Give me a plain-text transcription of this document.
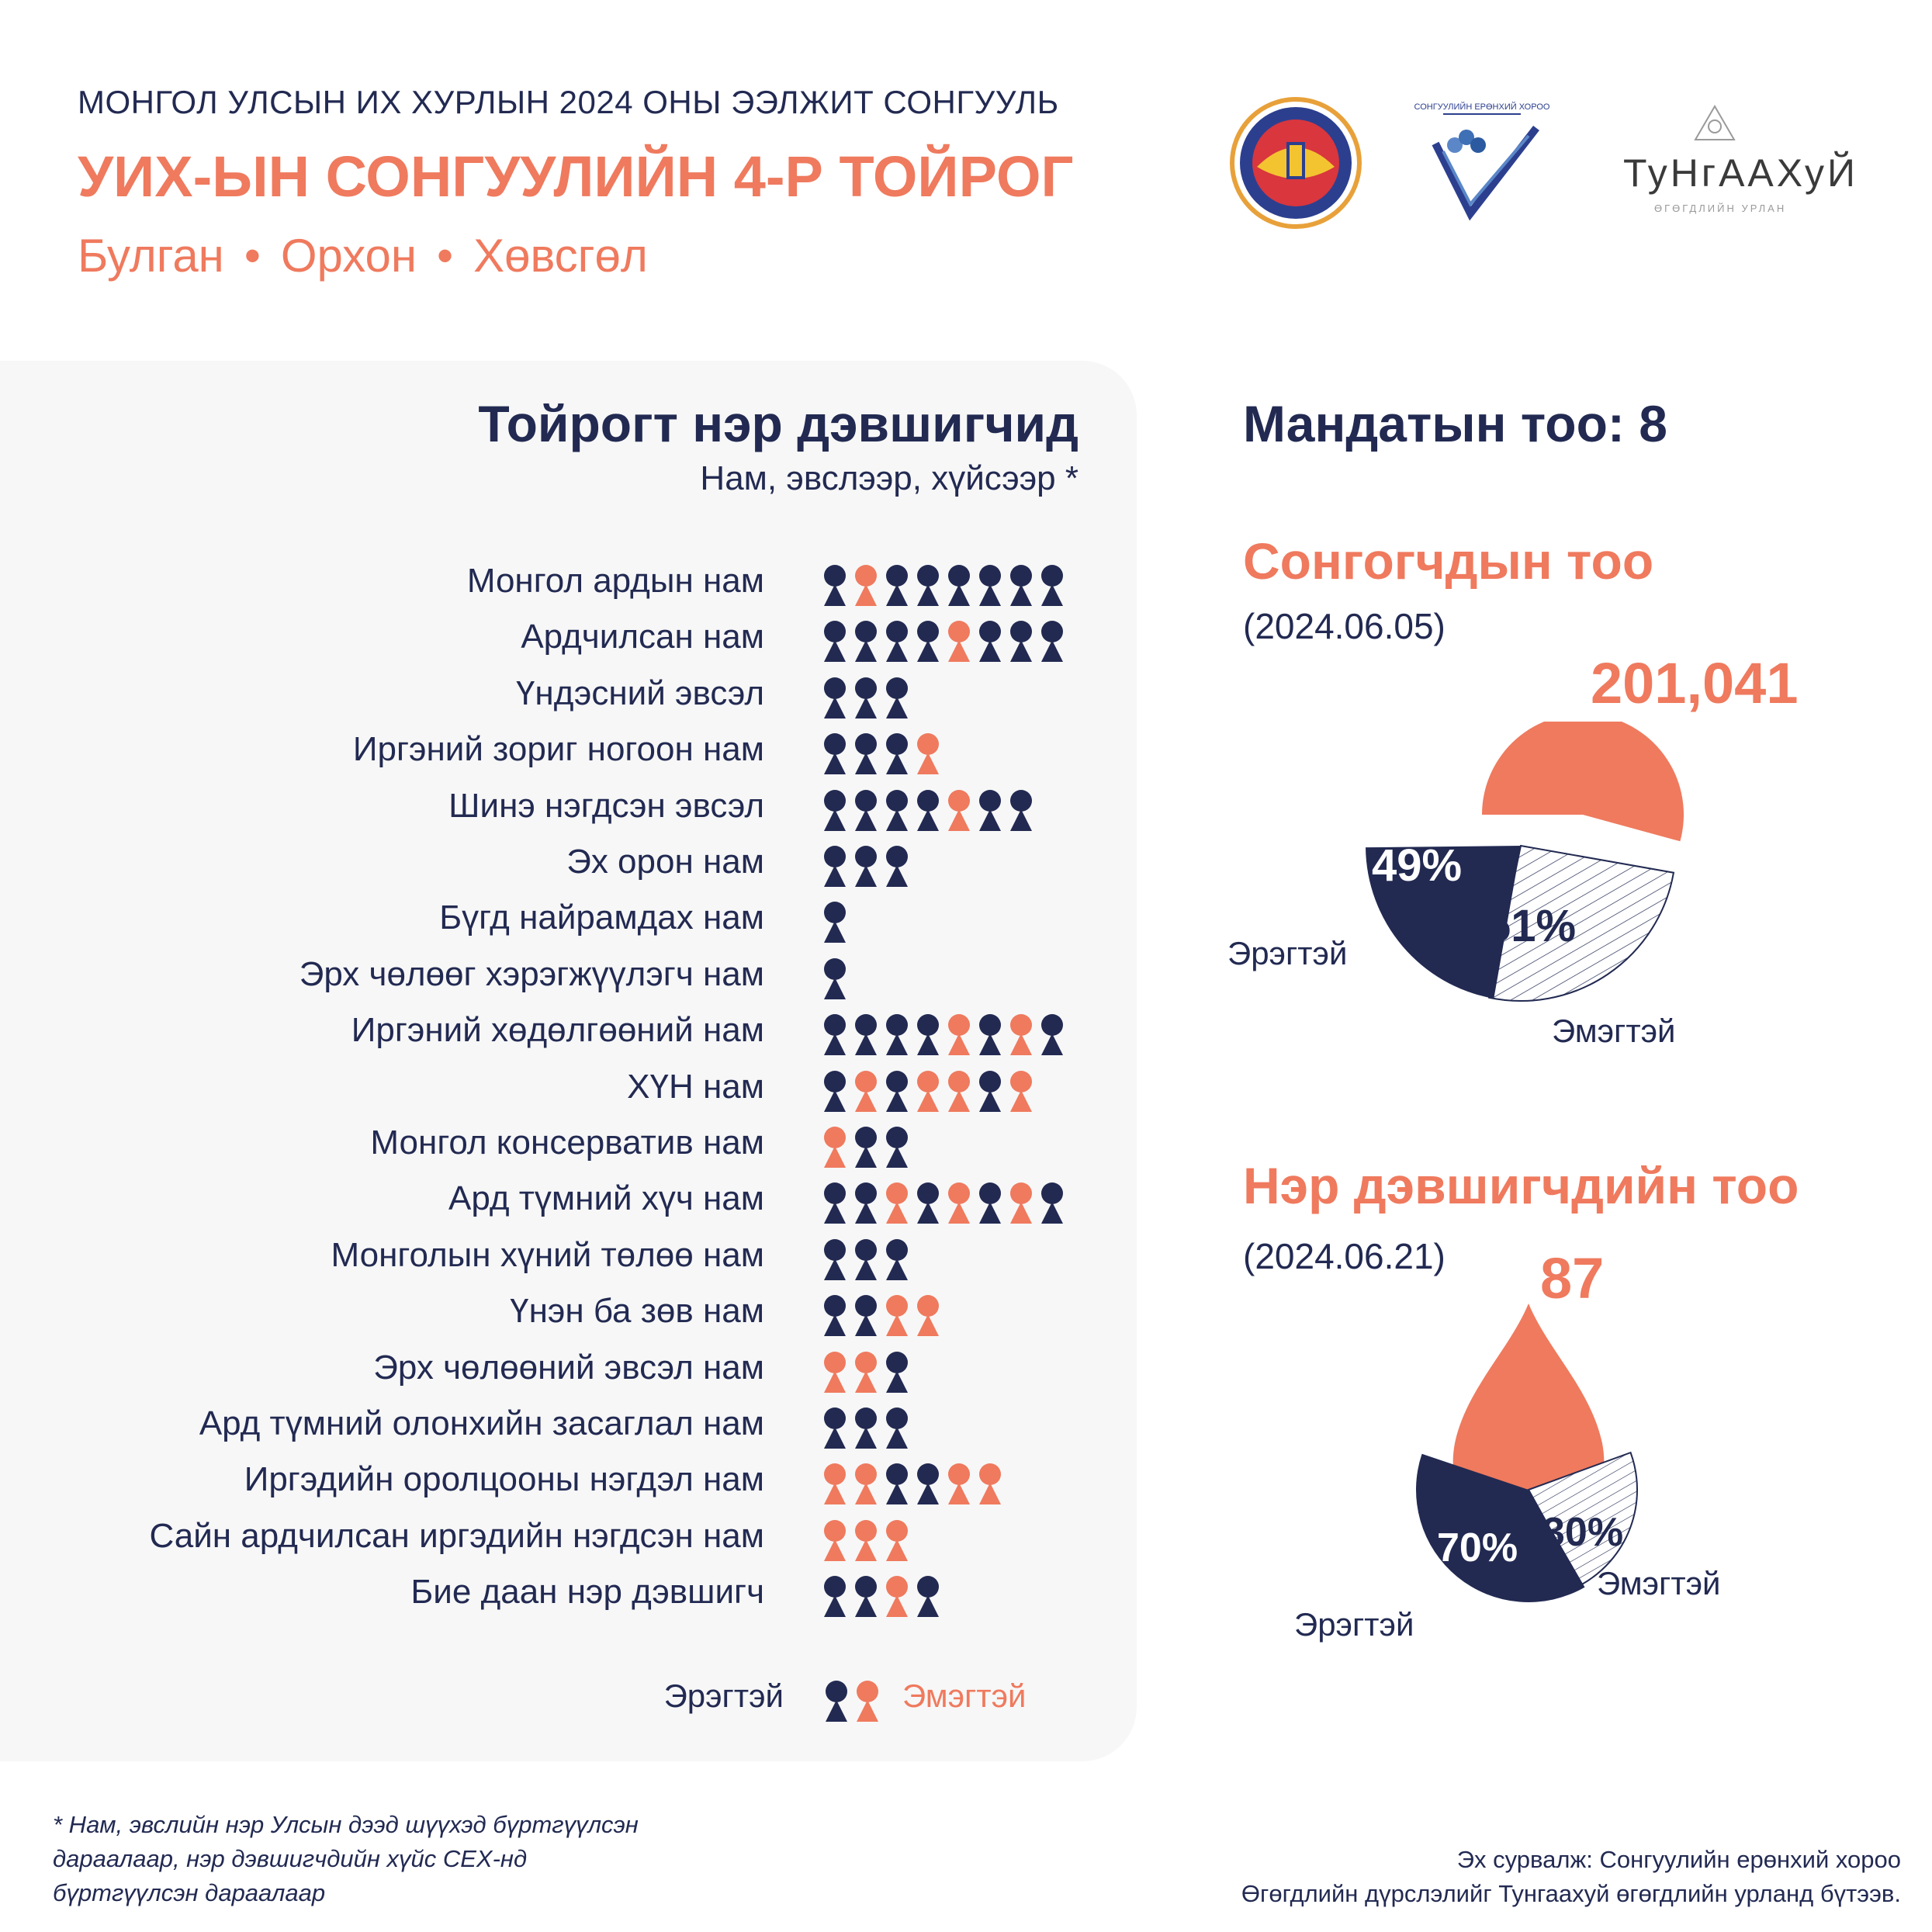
МОНГОЛ УЛСЫН ИХ ХУРЛЫН 2024 ОНЫ ЭЭЛЖИТ СОНГУУЛЬ
УИХ-ЫН СОНГУУЛИЙН 4-Р ТОЙРОГ
Булган • Орхон • Хөвсгөл
СОНГУУЛИЙН ЕРӨНХИЙ ХОРОО
ТуНгААХуЙ
ӨГӨГДЛИЙН УРЛАН
Тойрогт нэр дэвшигчид
Нам, эвслээр, хүйсээр *
Монгол ардын нам
Ардчилсан нам
Үндэсний эвсэл
Иргэний зориг ногоон нам
Шинэ нэгдсэн эвсэл
Эх орон нам
Бүгд найрамдах нам
Эрх чөлөөг хэрэгжүүлэгч нам
Иргэний хөдөлгөөний нам
ХҮН нам
Монгол консерватив нам
Ард түмний хүч нам
Монголын хүний төлөө нам
Үнэн ба зөв нам
Эрх чөлөөний эвсэл нам
Ард түмний олонхийн засаглал нам
Иргэдийн оролцооны нэгдэл нам
Сайн ардчилсан иргэдийн нэгдсэн нам
Бие даан нэр дэвшигч
Эрэгтэй	Эмэгтэй
Мандатын тоо: 8
Сонгогчдын тоо
(2024.06.05)
201,041
49%
51%
Эрэгтэй
Эмэгтэй
Нэр дэвшигчдийн тоо
(2024.06.21) 87
70% 30%
Эрэгтэй
Эмэгтэй
* Нам, эвслийн нэр Улсын дээд шүүхэд бүртгүүлсэн дараалаар, нэр дэвшигчдийн хүйс СЕХ-нд бүртгүүлсэн дараалаар
Эх сурвалж: Сонгуулийн ерөнхий хороо
Өгөгдлийн дүрслэлийг Тунгаахуй өгөгдлийн урланд бүтээв.
